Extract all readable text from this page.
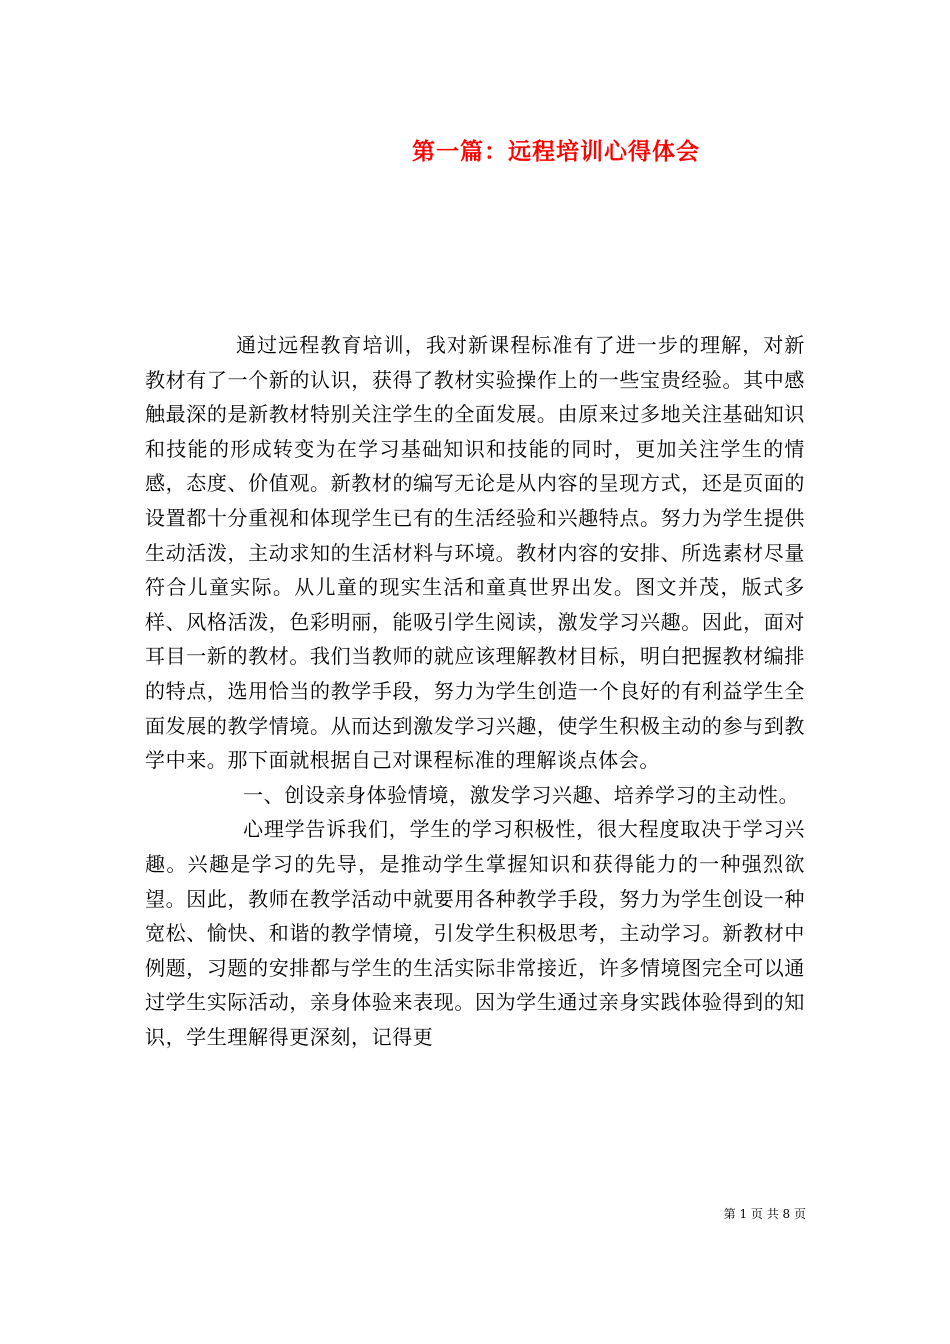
第一篇：远程培训心得体会

通过远程教育培训，我对新课程标准有了进一步的理解，对新教材有了一个新的认识，获得了教材实验操作上的一些宝贵经验。其中感触最深的是新教材特别关注学生的全面发展。由原来过多地关注基础知识和技能的形成转变为在学习基础知识和技能的同时，更加关注学生的情感，态度、价值观。新教材的编写无论是从内容的呈现方式，还是页面的设置都十分重视和体现学生已有的生活经验和兴趣特点。努力为学生提供生动活泼，主动求知的生活材料与环境。教材内容的安排、所选素材尽量符合儿童实际。从儿童的现实生活和童真世界出发。图文并茂，版式多样、风格活泼，色彩明丽，能吸引学生阅读，激发学习兴趣。因此，面对耳目一新的教材。我们当教师的就应该理解教材目标，明白把握教材编排的特点，选用恰当的教学手段，努力为学生创造一个良好的有利益学生全面发展的教学情境。从而达到激发学习兴趣，使学生积极主动的参与到教学中来。那下面就根据自己对课程标准的理解谈点体会。

一、创设亲身体验情境，激发学习兴趣、培养学习的主动性。

心理学告诉我们，学生的学习积极性，很大程度取决于学习兴趣。兴趣是学习的先导，是推动学生掌握知识和获得能力的一种强烈欲望。因此，教师在教学活动中就要用各种教学手段，努力为学生创设一种宽松、愉快、和谐的教学情境，引发学生积极思考，主动学习。新教材中例题，习题的安排都与学生的生活实际非常接近，许多情境图完全可以通过学生实际活动，亲身体验来表现。因为学生通过亲身实践体验得到的知识，学生理解得更深刻，记得更

第 1 页 共 8 页
